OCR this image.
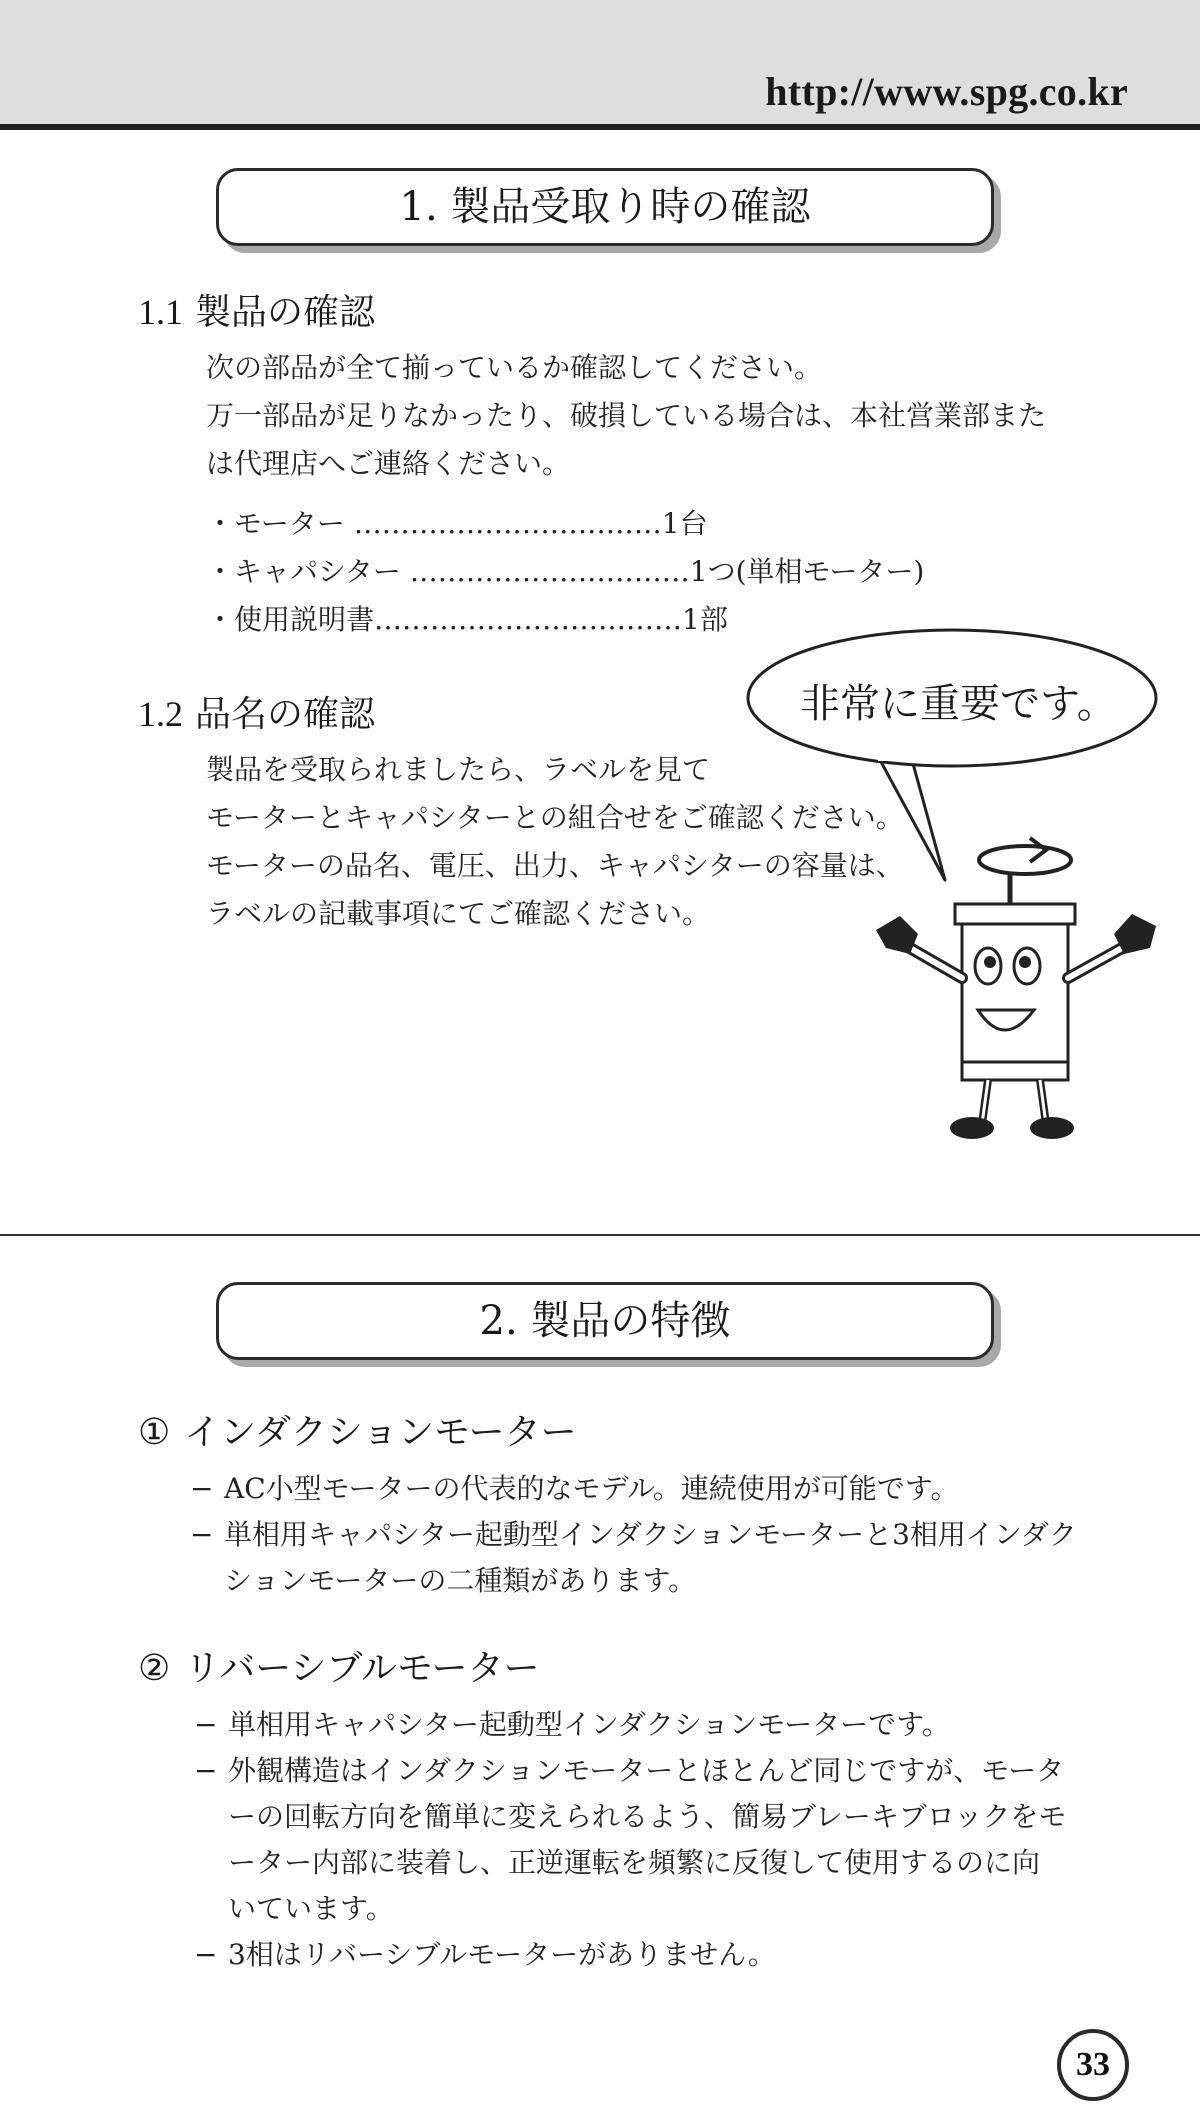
http://www.spg.co.kr
1. 製品受取り時の確認
1.1 製品の確認
次の部品が全て揃っているか確認してください。
万一部品が足りなかったり、破損している場合は、本社営業部また
は代理店へご連絡ください。
・モーター ……………………………1台
・キャパシター …………………………1つ(単相モーター)
・使用説明書……………………………1部
1.2 品名の確認
製品を受取られましたら、ラベルを見て
モーターとキャパシターとの組合せをご確認ください。
モーターの品名、電圧、出力、キャパシターの容量は、
ラベルの記載事項にてご確認ください。
非常に重要です。
2. 製品の特徴
① インダクションモーター
− AC小型モーターの代表的なモデル。連続使用が可能です。
− 単相用キャパシター起動型インダクションモーターと3相用インダク
ションモーターの二種類があります。
② リバーシブルモーター
− 単相用キャパシター起動型インダクションモーターです。
− 外観構造はインダクションモーターとほとんど同じですが、モータ
ーの回転方向を簡単に変えられるよう、簡易ブレーキブロックをモ
ーター内部に装着し、正逆運転を頻繁に反復して使用するのに向
いています。
− 3相はリバーシブルモーターがありません。
33
